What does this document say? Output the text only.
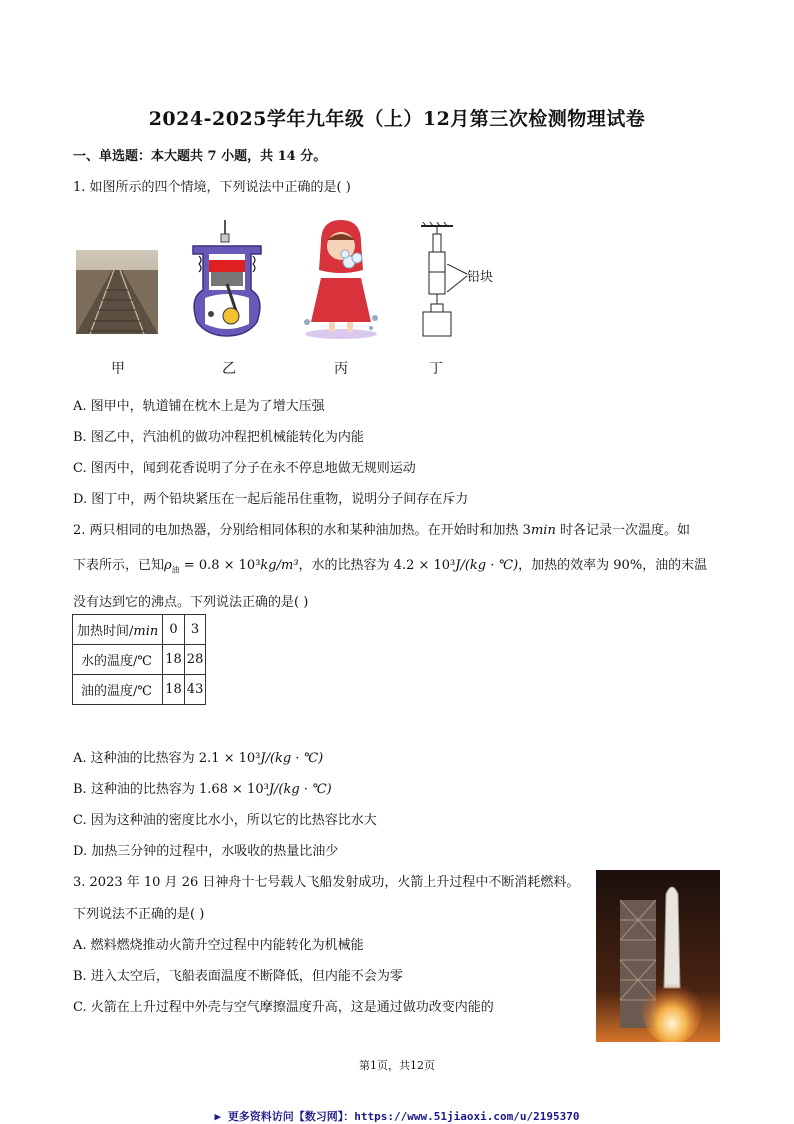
2024-2025学年九年级（上）12月第三次检测物理试卷
一、单选题：本大题共 7 小题，共 14 分。
1. 如图所示的四个情境，下列说法中正确的是( )
甲	乙	丙
铅块
丁
A. 图甲中，轨道铺在枕木上是为了增大压强
B. 图乙中，汽油机的做功冲程把机械能转化为内能
C. 图丙中，闻到花香说明了分子在永不停息地做无规则运动
D. 图丁中，两个铅块紧压在一起后能吊住重物，说明分子间存在斥力
2. 两只相同的电加热器，分别给相同体积的水和某种油加热。在开始时和加热 3min 时各记录一次温度。如
下表所示，已知$\rho_油 = 0.8 \times 10^3kg/m^3$，水的比热容为 4.2 × 10³J/(kg · ℃)，加热的效率为 90%，油的末温
没有达到它的沸点。下列说法正确的是( )
加热时间/min	0	3
水的温度/℃	18	28
油的温度/℃	18	43
A. 这种油的比热容为 2.1 × 10³J/(kg · ℃)
B. 这种油的比热容为 1.68 × 10³J/(kg · ℃)
C. 因为这种油的密度比水小，所以它的比热容比水大
D. 加热三分钟的过程中，水吸收的热量比油少
3. 2023 年 10 月 26 日神舟十七号载人飞船发射成功，火箭上升过程中不断消耗燃料。
下列说法不正确的是( )
A. 燃料燃烧推动火箭升空过程中内能转化为机械能
B. 进入太空后，飞船表面温度不断降低，但内能不会为零
C. 火箭在上升过程中外壳与空气摩擦温度升高，这是通过做功改变内能的
第1页，共12页
▶ 更多资料访问【数习网】：https://www.51jiaoxi.com/u/2195370
